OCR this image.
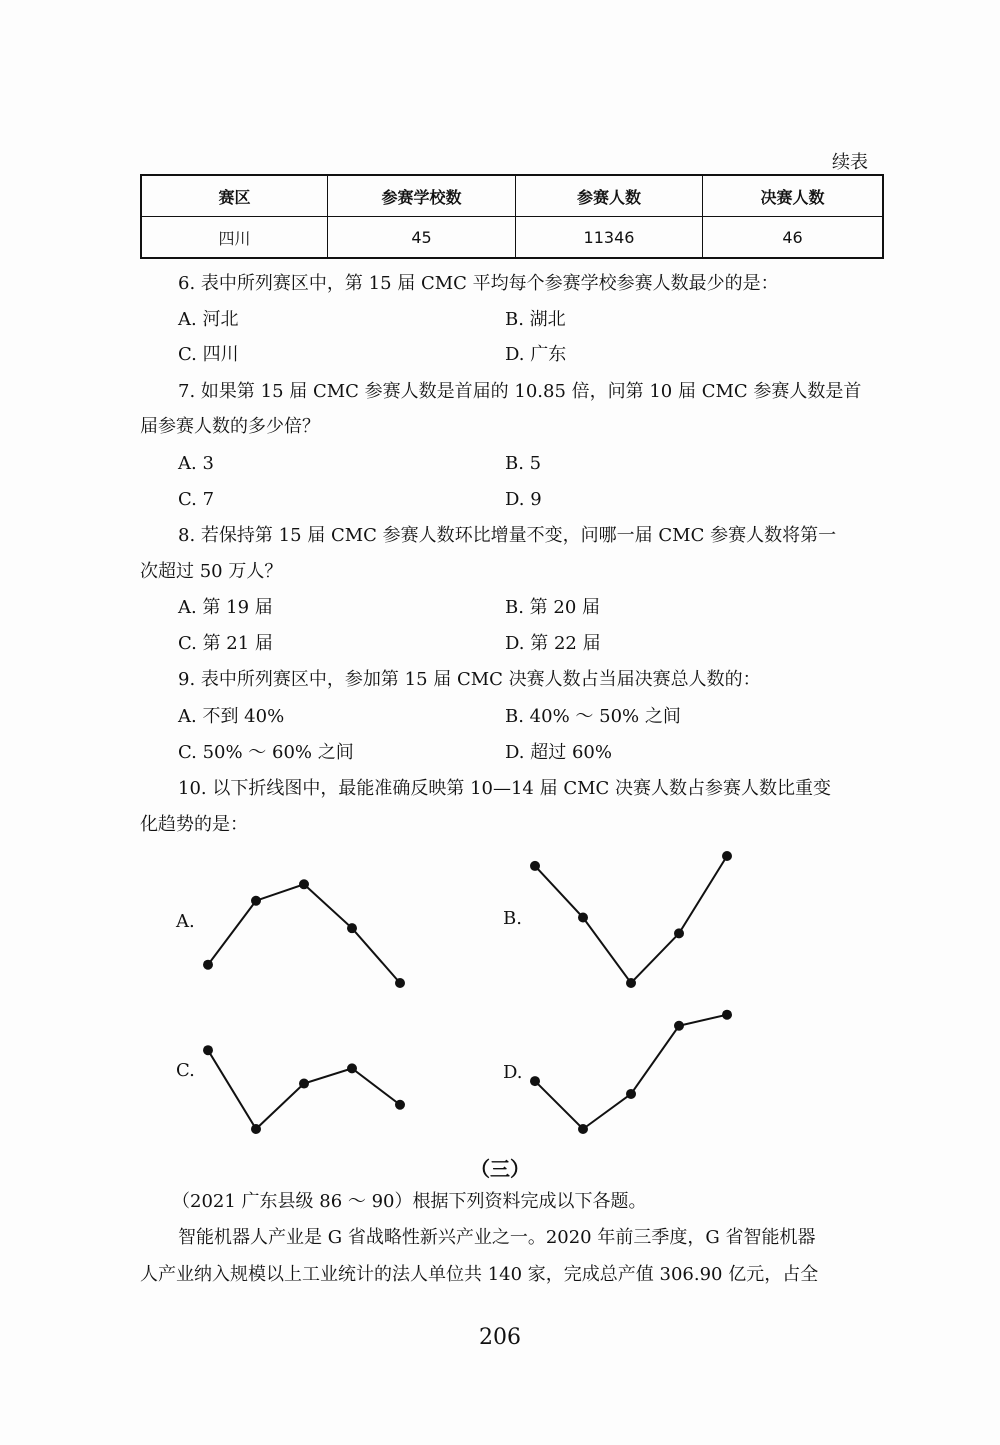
续表
赛区	参赛学校数	参赛人数	决赛人数
四川	45	11346	46
6. 表中所列赛区中，第 15 届 CMC 平均每个参赛学校参赛人数最少的是：
A. 河北	B. 湖北
C. 四川	D. 广东
7. 如果第 15 届 CMC 参赛人数是首届的 10.85 倍，问第 10 届 CMC 参赛人数是首
届参赛人数的多少倍？
A. 3	B. 5
C. 7	D. 9
8. 若保持第 15 届 CMC 参赛人数环比增量不变，问哪一届 CMC 参赛人数将第一
次超过 50 万人？
A. 第 19 届	B. 第 20 届
C. 第 21 届	D. 第 22 届
9. 表中所列赛区中，参加第 15 届 CMC 决赛人数占当届决赛总人数的：
A. 不到 40%	B. 40% ～ 50% 之间
C. 50% ～ 60% 之间	D. 超过 60%
10. 以下折线图中，最能准确反映第 10—14 届 CMC 决赛人数占参赛人数比重变
化趋势的是：
A.	B.
C.	D.
（三）
（2021 广东县级 86 ～ 90）根据下列资料完成以下各题。
智能机器人产业是 G 省战略性新兴产业之一。2020 年前三季度，G 省智能机器
人产业纳入规模以上工业统计的法人单位共 140 家，完成总产值 306.90 亿元，占全
206
